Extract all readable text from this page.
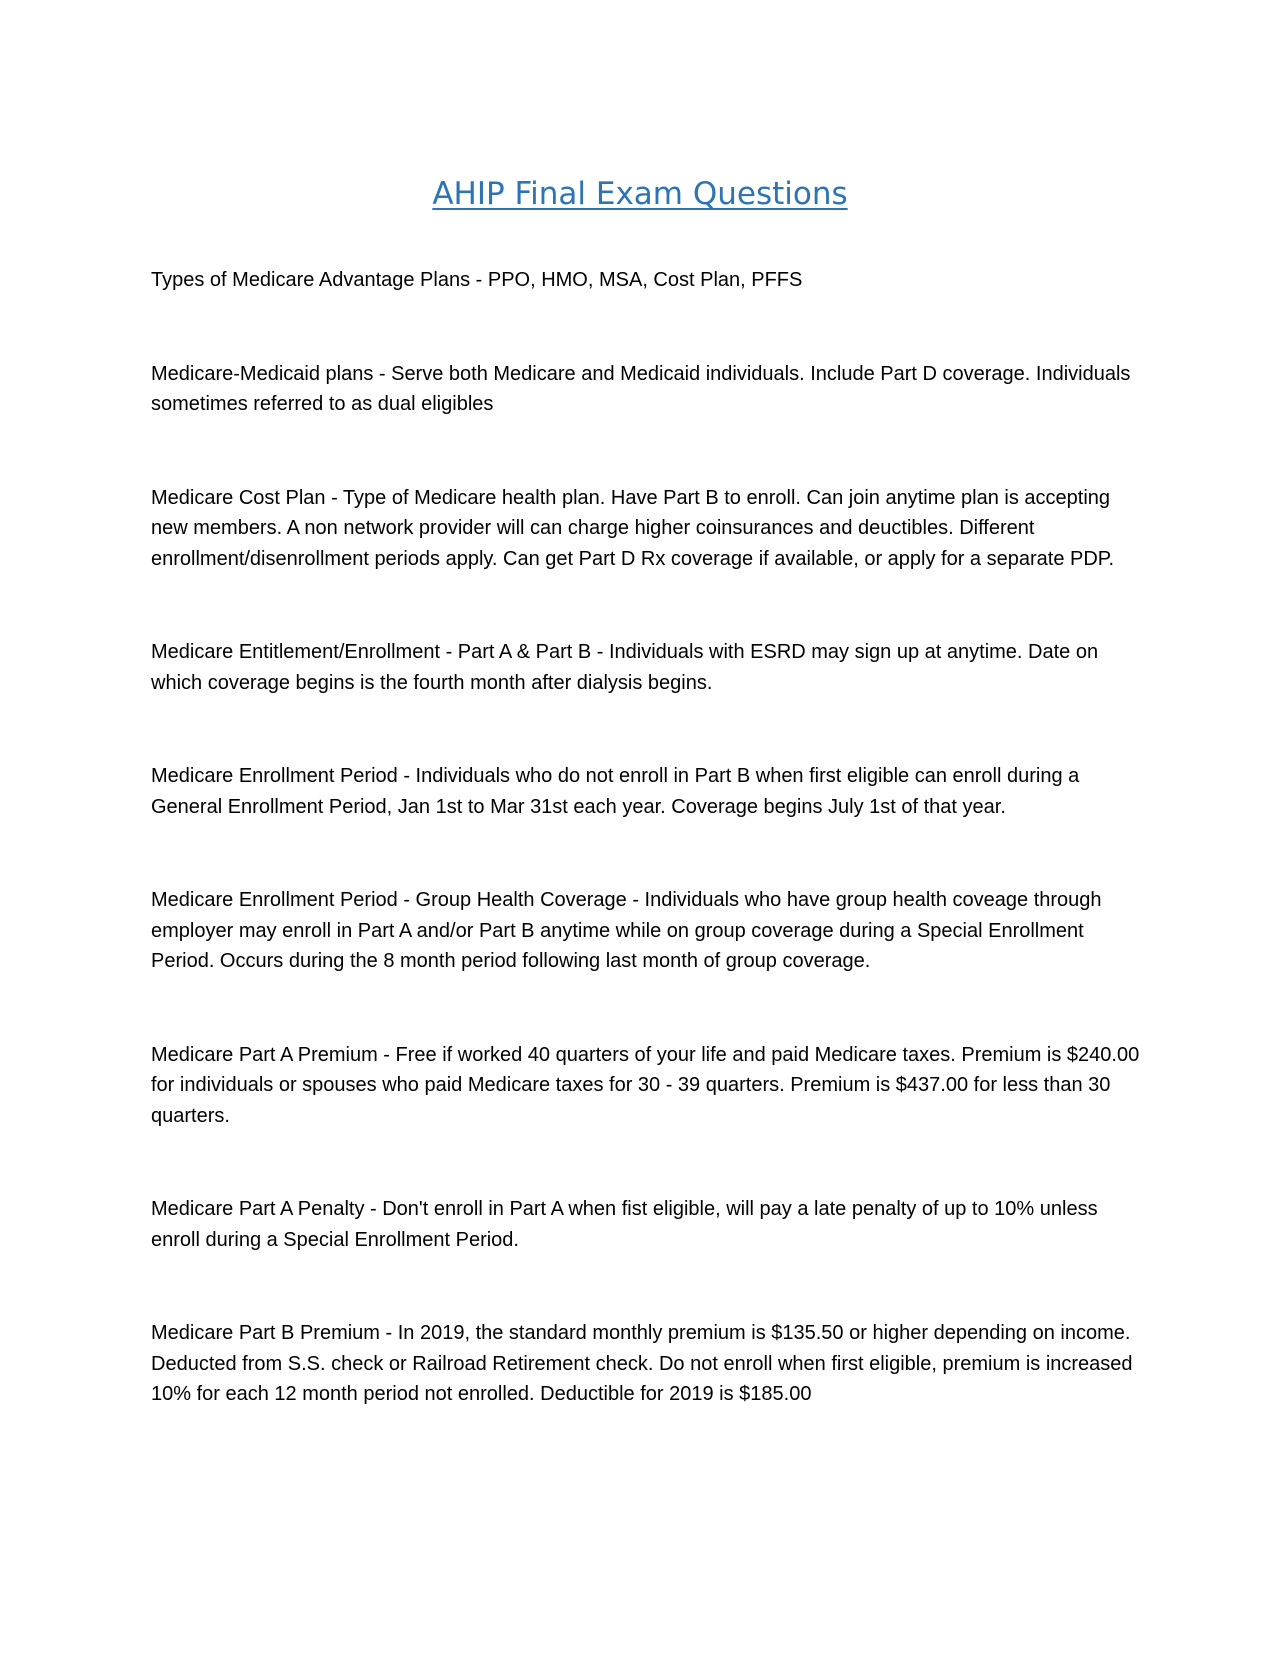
AHIP Final Exam Questions
Types of Medicare Advantage Plans - PPO, HMO, MSA, Cost Plan, PFFS
Medicare-Medicaid plans - Serve both Medicare and Medicaid individuals. Include Part D coverage. Individuals sometimes referred to as dual eligibles
Medicare Cost Plan - Type of Medicare health plan. Have Part B to enroll. Can join anytime plan is accepting new members. A non network provider will can charge higher coinsurances and deuctibles. Different enrollment/disenrollment periods apply. Can get Part D Rx coverage if available, or apply for a separate PDP.
Medicare Entitlement/Enrollment - Part A & Part B - Individuals with ESRD may sign up at anytime. Date on which coverage begins is the fourth month after dialysis begins.
Medicare Enrollment Period - Individuals who do not enroll in Part B when first eligible can enroll during a General Enrollment Period, Jan 1st to Mar 31st each year. Coverage begins July 1st of that year.
Medicare Enrollment Period - Group Health Coverage - Individuals who have group health coveage through employer may enroll in Part A and/or Part B anytime while on group coverage during a Special Enrollment Period. Occurs during the 8 month period following last month of group coverage.
Medicare Part A Premium - Free if worked 40 quarters of your life and paid Medicare taxes. Premium is $240.00 for individuals or spouses who paid Medicare taxes for 30 - 39 quarters. Premium is $437.00 for less than 30 quarters.
Medicare Part A Penalty - Don't enroll in Part A when fist eligible, will pay a late penalty of up to 10% unless enroll during a Special Enrollment Period.
Medicare Part B Premium - In 2019, the standard monthly premium is $135.50 or higher depending on income. Deducted from S.S. check or Railroad Retirement check. Do not enroll when first eligible, premium is increased 10% for each 12 month period not enrolled. Deductible for 2019 is $185.00
